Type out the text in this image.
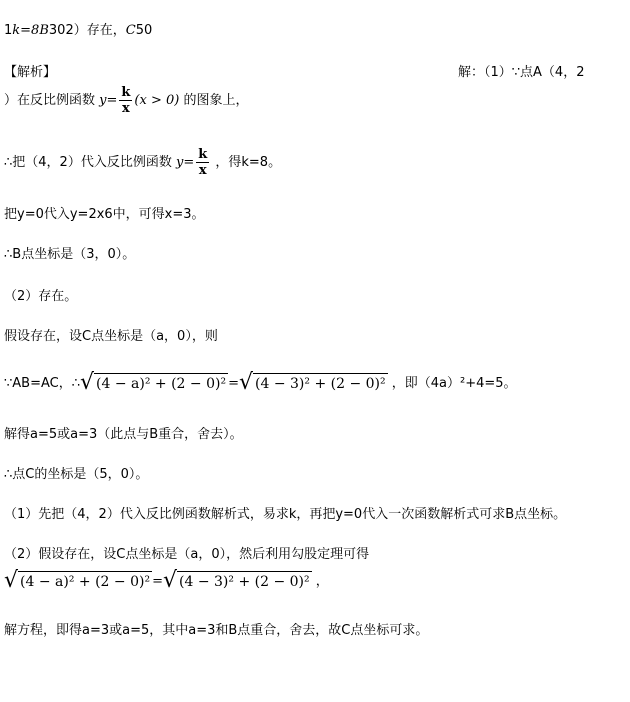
1k=8B302）存在，C50
【解析】	解：（1）∵点A（4，2
）在反比例函数 $y= \frac{k}{x} (x > 0)$ 的图象上，
∴把（4，2）代入反比例函数 $y= \frac{k}{x}$ ，得k=8。
把y=0代入y=2x6中，可得x=3。
∴B点坐标是（3，0）。
（2）存在。
假设存在，设C点坐标是（a，0），则
∵AB=AC，∴√ (4 − a)² + (2 − 0)² =√ (4 − 3)² + (2 − 0)² ，即（4a）²+4=5。
解得a=5或a=3（此点与B重合，舍去）。
∴点C的坐标是（5，0）。
（1）先把（4，2）代入反比例函数解析式，易求k，再把y=0代入一次函数解析式可求B点坐标。
（2）假设存在，设C点坐标是（a，0），然后利用勾股定理可得
√ (4 − a)² + (2 − 0)² =√ (4 − 3)² + (2 − 0)² ，
解方程，即得a=3或a=5，其中a=3和B点重合，舍去，故C点坐标可求。
